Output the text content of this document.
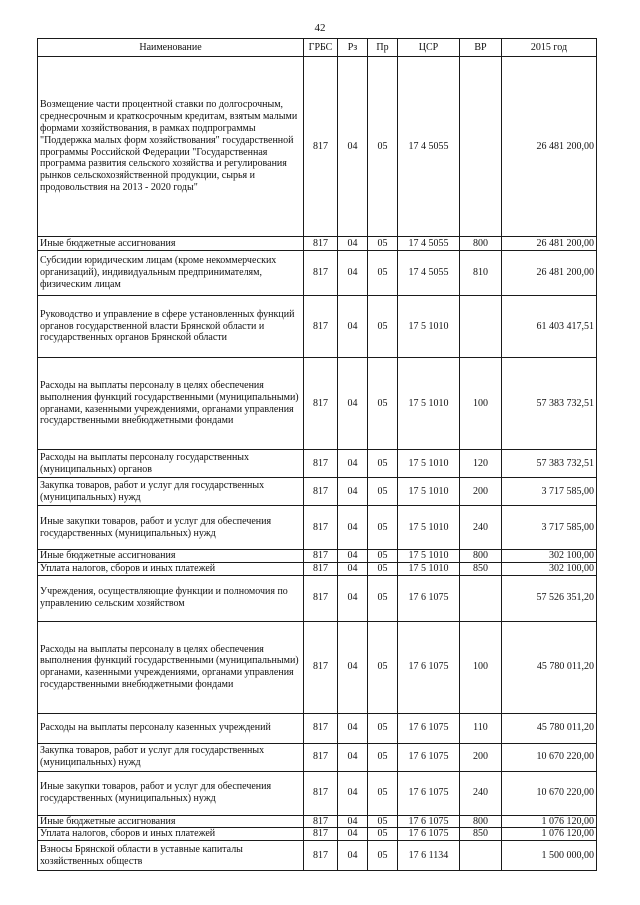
42
Наименование	ГРБС	Рз	Пр	ЦСР	ВР	2015 год
Возмещение части процентной ставки по долгосрочным, среднесрочным и краткосрочным кредитам, взятым малыми формами хозяйствования, в рамках подпрограммы "Поддержка малых форм хозяйствования" государственной программы Российской Федерации "Государственная программа развития сельского хозяйства и регулирования рынков сельскохозяйственной продукции, сырья и продовольствия на 2013 - 2020 годы"	817	04	05	17 4 5055		26 481 200,00
Иные бюджетные ассигнования	817	04	05	17 4 5055	800	26 481 200,00
Субсидии юридическим лицам (кроме некоммерческих организаций), индивидуальным предпринимателям, физическим лицам	817	04	05	17 4 5055	810	26 481 200,00
Руководство и управление в сфере установленных функций органов государственной власти Брянской области и государственных органов Брянской области	817	04	05	17 5 1010		61 403 417,51
Расходы на выплаты персоналу в целях обеспечения выполнения функций государственными (муниципальными) органами, казенными учреждениями, органами управления государственными внебюджетными фондами	817	04	05	17 5 1010	100	57 383 732,51
Расходы на выплаты персоналу государственных (муниципальных) органов	817	04	05	17 5 1010	120	57 383 732,51
Закупка товаров, работ и услуг для государственных (муниципальных) нужд	817	04	05	17 5 1010	200	3 717 585,00
Иные закупки товаров, работ и услуг для обеспечения государственных (муниципальных) нужд	817	04	05	17 5 1010	240	3 717 585,00
Иные бюджетные ассигнования	817	04	05	17 5 1010	800	302 100,00
Уплата налогов, сборов и иных платежей	817	04	05	17 5 1010	850	302 100,00
Учреждения, осуществляющие функции и полномочия по управлению сельским хозяйством	817	04	05	17 6 1075		57 526 351,20
Расходы на выплаты персоналу в целях обеспечения выполнения функций государственными (муниципальными) органами, казенными учреждениями, органами управления государственными внебюджетными фондами	817	04	05	17 6 1075	100	45 780 011,20
Расходы на выплаты персоналу казенных учреждений	817	04	05	17 6 1075	110	45 780 011,20
Закупка товаров, работ и услуг для государственных (муниципальных) нужд	817	04	05	17 6 1075	200	10 670 220,00
Иные закупки товаров, работ и услуг для обеспечения государственных (муниципальных) нужд	817	04	05	17 6 1075	240	10 670 220,00
Иные бюджетные ассигнования	817	04	05	17 6 1075	800	1 076 120,00
Уплата налогов, сборов и иных платежей	817	04	05	17 6 1075	850	1 076 120,00
Взносы Брянской области в уставные капиталы хозяйственных обществ	817	04	05	17 6 1134		1 500 000,00
